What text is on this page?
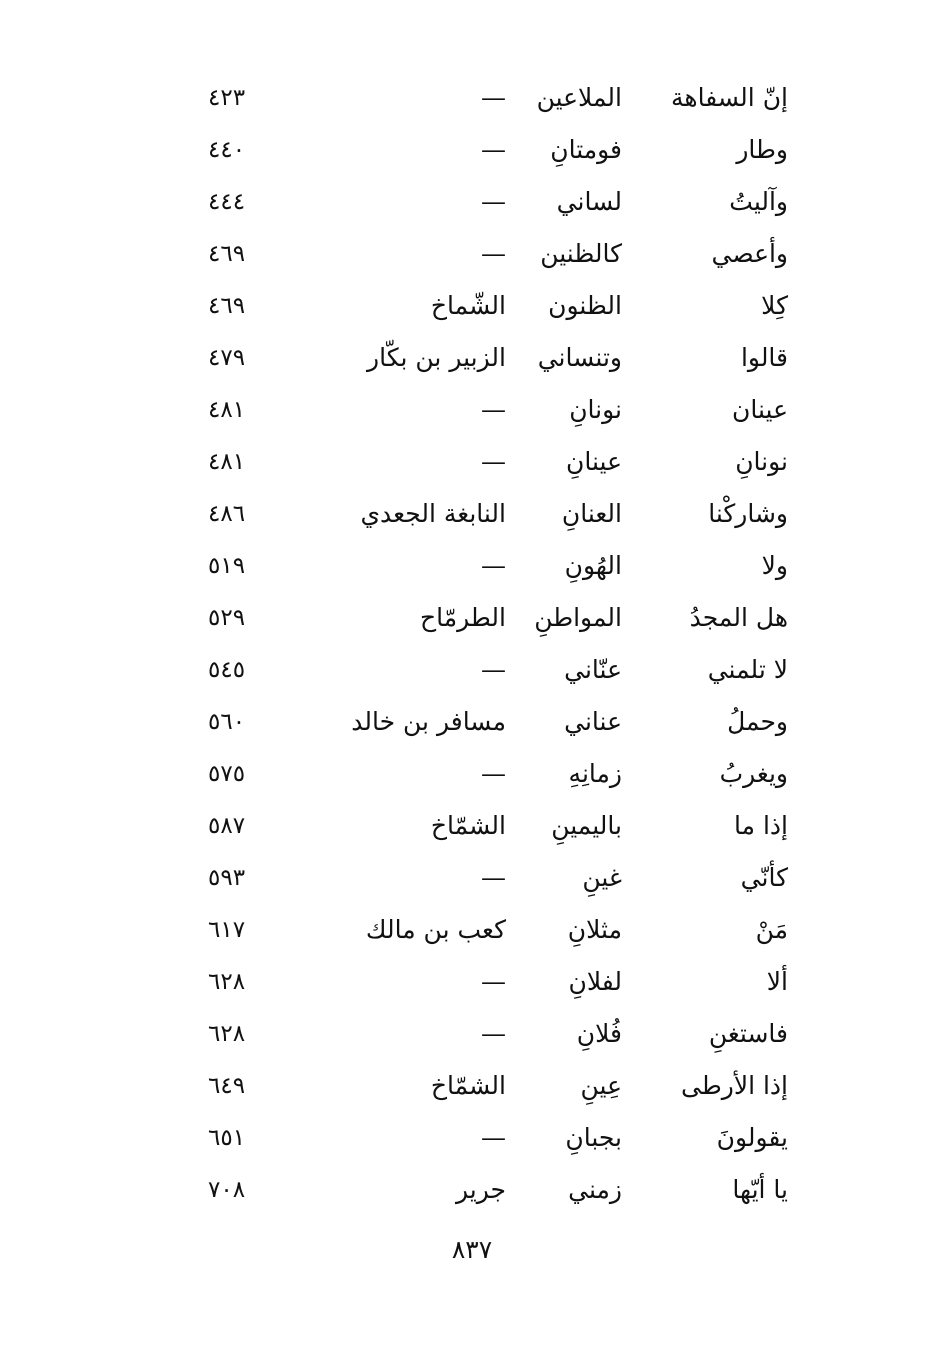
إنّ السفاهة
الملاعين
—
٤٢٣
وطار
فومتانِ
—
٤٤٠
وآليتُ
لساني
—
٤٤٤
وأعصي
كالظنين
—
٤٦٩
كِلا
الظنون
الشّماخ
٤٦٩
قالوا
وتنساني
الزبير بن بكّار
٤٧٩
عينان
نونانِ
—
٤٨١
نونانِ
عينانِ
—
٤٨١
وشاركْنا
العنانِ
النابغة الجعدي
٤٨٦
ولا
الهُونِ
—
٥١٩
هل المجدُ
المواطنِ
الطرمّاح
٥٢٩
لا تلمني
عنّاني
—
٥٤٥
وحملُ
عناني
مسافر بن خالد
٥٦٠
ويغربُ
زمانِهِ
—
٥٧٥
إذا ما
باليمينِ
الشمّاخ
٥٨٧
كأنّي
غينِ
—
٥٩٣
مَنْ
مثلانِ
كعب بن مالك
٦١٧
ألا
لفلانِ
—
٦٢٨
فاستغنِ
فُلانِ
—
٦٢٨
إذا الأرطى
عِينِ
الشمّاخ
٦٤٩
يقولونَ
بجبانِ
—
٦٥١
يا أيّها
زمني
جرير
٧٠٨
٨٣٧
